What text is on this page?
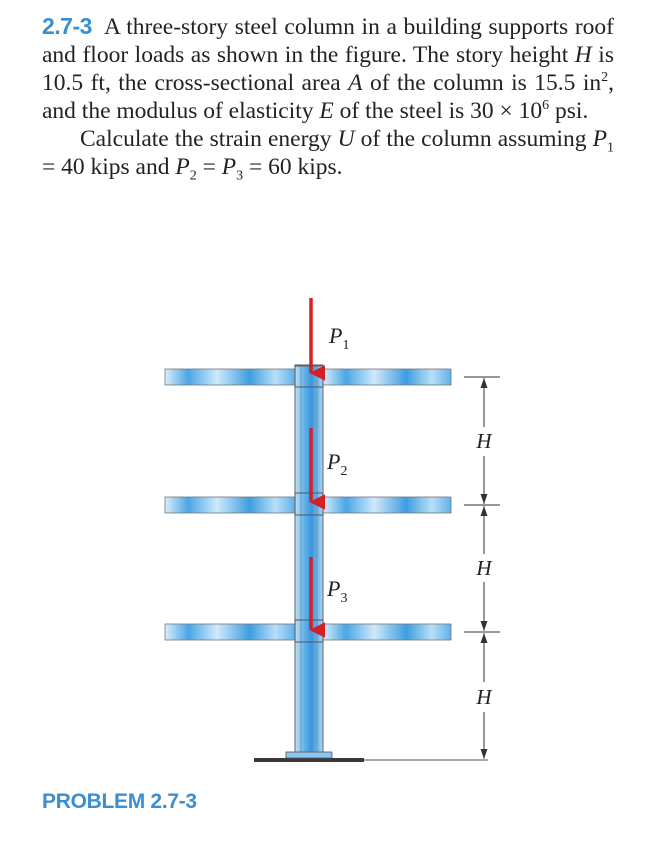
2.7-3 A three-story steel column in a building supports roof and floor loads as shown in the figure. The story height H is 10.5 ft, the cross-sectional area A of the column is 15.5 $in^2$, and the modulus of elasticity E of the steel is $30 \times 10^6$ psi.

Calculate the strain energy U of the column assuming $P_1 = 40$ kips and $P_2 = P_3 = 60$ kips.

$P_1$
$P_2$
$P_3$
H
H
H
PROBLEM 2.7-3
